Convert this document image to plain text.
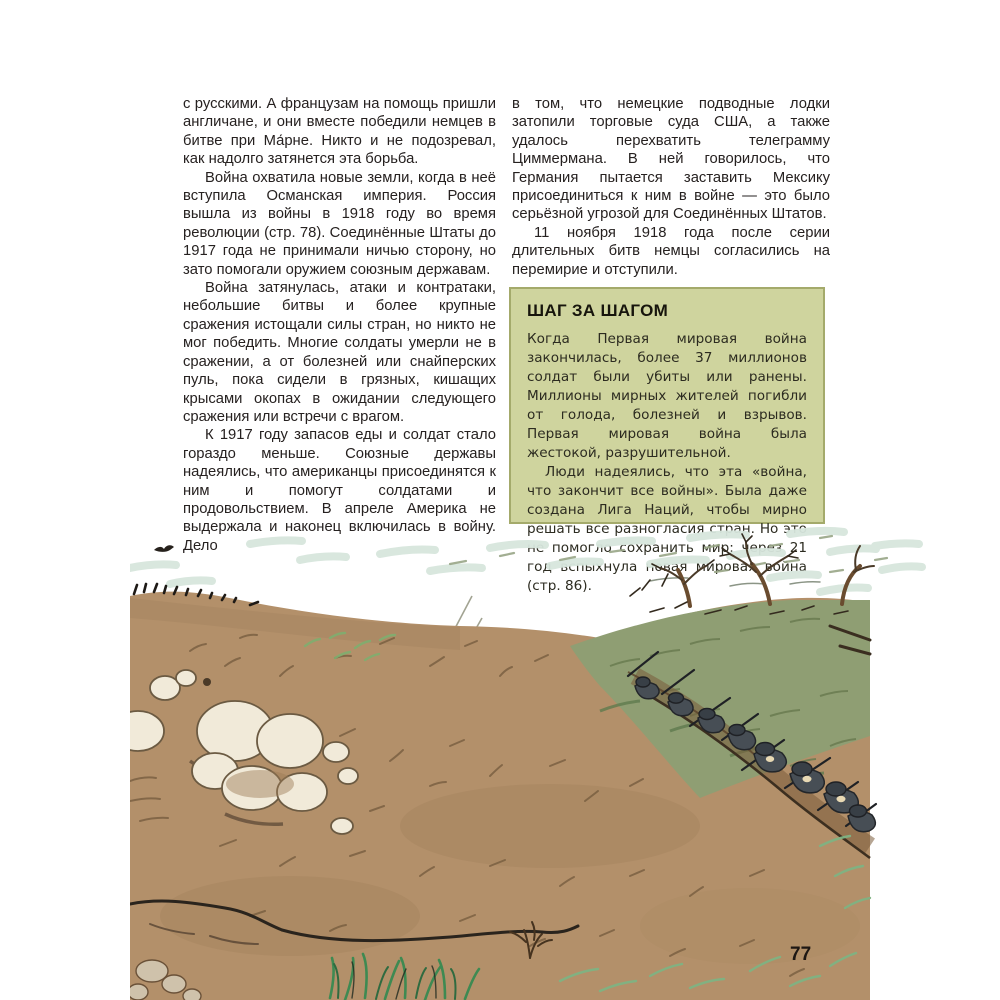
с русскими. А французам на помощь пришли англичане, и они вместе победили немцев в битве при Ма́рне. Никто и не подозревал, как надолго затянется эта борьба.

Война охватила новые земли, когда в неё вступила Османская империя. Россия вышла из войны в 1918 году во время революции (стр. 78). Соединённые Штаты до 1917 года не принимали ничью сторону, но зато помогали оружием союзным державам.

Война затянулась, атаки и контратаки, небольшие битвы и более крупные сражения истощали силы стран, но никто не мог победить. Многие солдаты умерли не в сражении, а от болезней или снайперских пуль, пока сидели в грязных, кишащих крысами окопах в ожидании следующего сражения или встречи с врагом.

К 1917 году запасов еды и солдат стало гораздо меньше. Союзные державы надеялись, что американцы присоединятся к ним и помогут солдатами и продовольствием. В апреле Америка не выдержала и наконец включилась в войну. Дело

в том, что немецкие подводные лодки затопили торговые суда США, а также удалось перехватить телеграмму Циммермана. В ней говорилось, что Германия пытается заставить Мексику присоединиться к ним в войне — это было серьёзной угрозой для Соединённых Штатов.

11 ноября 1918 года после серии длительных битв немцы согласились на перемирие и отступили.

ШАГ ЗА ШАГОМ

Когда Первая мировая война закончилась, более 37 миллионов солдат были убиты или ранены. Миллионы мирных жителей погибли от голода, болезней и взрывов. Первая мировая война была жестокой, разрушительной.

Люди надеялись, что эта «война, что закончит все войны». Была даже создана Лига Наций, чтобы мирно решать все разногласия стран. Но это не помогло сохранить мир: через 21 год вспыхнула новая мировая война (стр. 86).

77
